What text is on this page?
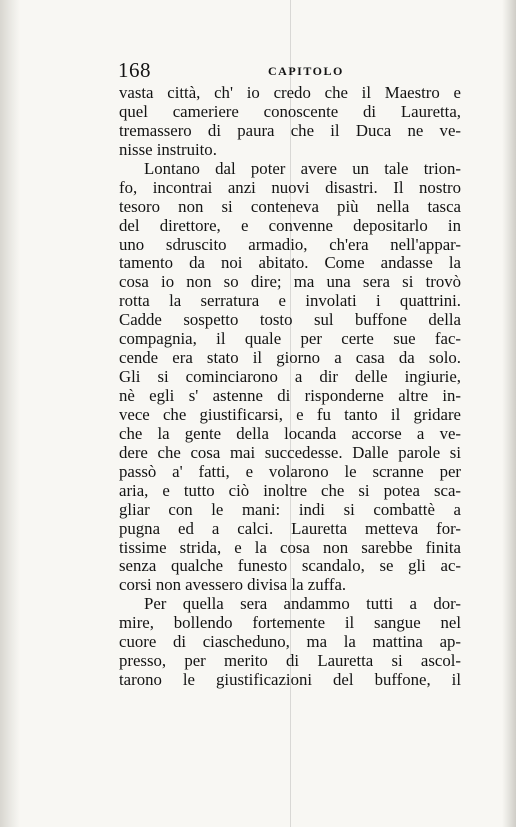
168	CAPITOLO
vasta città, ch' io credo che il Maestro e
quel cameriere conoscente di Lauretta,
tremassero di paura che il Duca ne ve-
nisse instruito.
Lontano dal poter avere un tale trion-
fo, incontrai anzi nuovi disastri. Il nostro
tesoro non si conteneva più nella tasca
del direttore, e convenne depositarlo in
uno sdruscito armadio, ch'era nell'appar-
tamento da noi abitato. Come andasse la
cosa io non so dire; ma una sera si trovò
rotta la serratura e involati i quattrini.
Cadde sospetto tosto sul buffone della
compagnia, il quale per certe sue fac-
cende era stato il giorno a casa da solo.
Gli si cominciarono a dir delle ingiurie,
nè egli s' astenne di risponderne altre in-
vece che giustificarsi, e fu tanto il gridare
che la gente della locanda accorse a ve-
dere che cosa mai succedesse. Dalle parole si
passò a' fatti, e volarono le scranne per
aria, e tutto ciò inoltre che si potea sca-
gliar con le mani: indi si combattè a
pugna ed a calci. Lauretta metteva for-
tissime strida, e la cosa non sarebbe finita
senza qualche funesto scandalo, se gli ac-
corsi non avessero divisa la zuffa.
Per quella sera andammo tutti a dor-
mire, bollendo fortemente il sangue nel
cuore di ciascheduno, ma la mattina ap-
presso, per merito di Lauretta si ascol-
tarono le giustificazioni del buffone, il
